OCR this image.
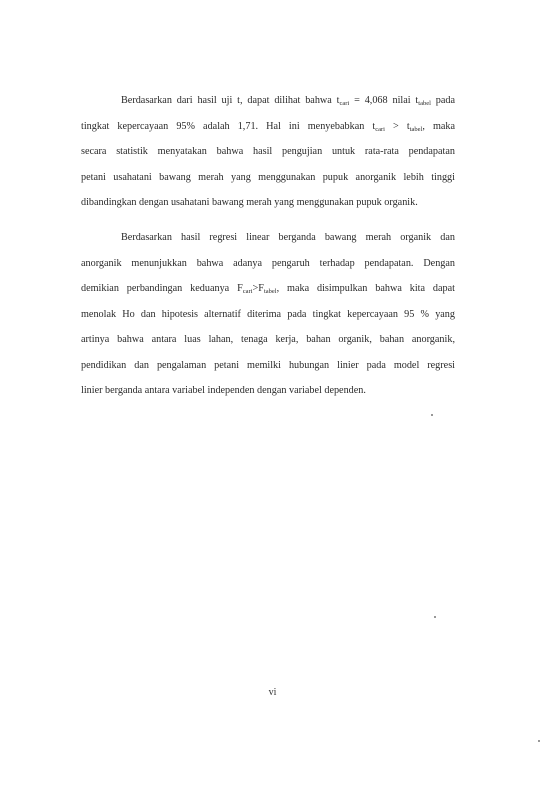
Berdasarkan dari hasil uji t, dapat dilihat bahwa $t_{cari} = 4,068$ nilai $t_{tabel}$ pada
tingkat kepercayaan 95% adalah 1,71. Hal ini menyebabkan $t_{cari} > t_{tabel}$, maka
secara statistik menyatakan bahwa hasil pengujian untuk rata-rata pendapatan
petani usahatani bawang merah yang menggunakan pupuk anorganik lebih tinggi
dibandingkan dengan usahatani bawang merah yang menggunakan pupuk organik.
Berdasarkan hasil regresi linear berganda bawang merah organik dan
anorganik menunjukkan bahwa adanya pengaruh terhadap pendapatan. Dengan
demikian perbandingan keduanya $F_{cari}>F_{tabel}$, maka disimpulkan bahwa kita dapat
menolak Ho dan hipotesis alternatif diterima pada tingkat kepercayaan 95 % yang
artinya bahwa antara luas lahan, tenaga kerja, bahan organik, bahan anorganik,
pendidikan dan pengalaman petani memilki hubungan linier pada model regresi
linier berganda antara variabel independen dengan variabel dependen.
vi
